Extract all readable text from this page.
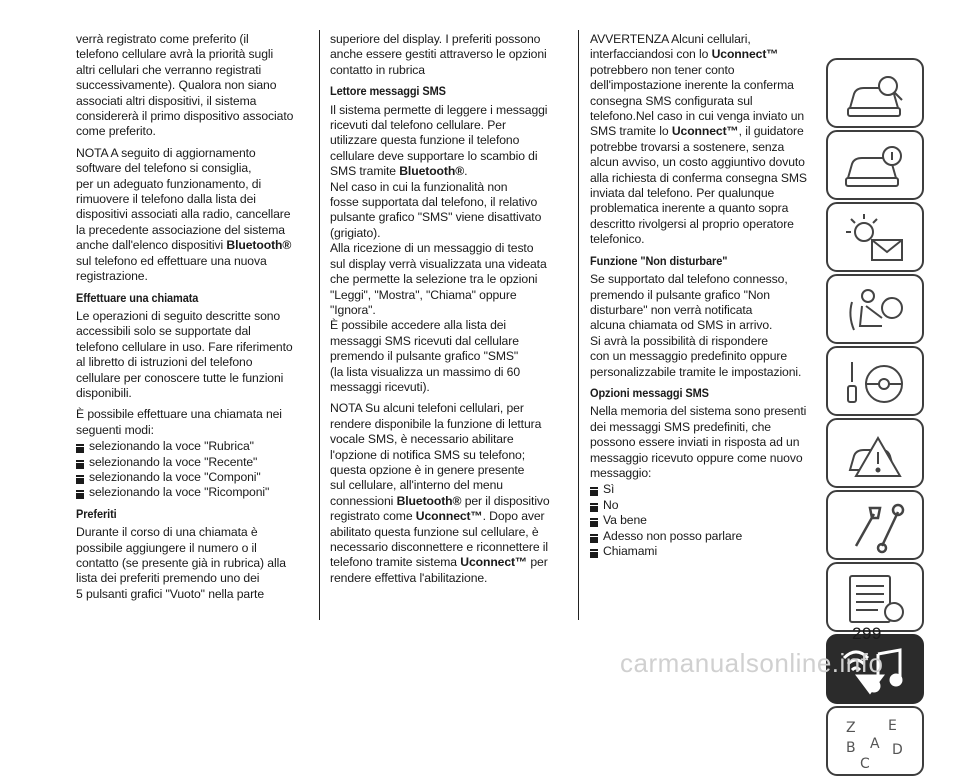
verrà registrato come preferito (il
telefono cellulare avrà la priorità sugli
altri cellulari che verranno registrati
successivamente). Qualora non siano
associati altri dispositivi, il sistema
considererà il primo dispositivo associato
come preferito.

NOTA A seguito di aggiornamento
software del telefono si consiglia,
per un adeguato funzionamento, di
rimuovere il telefono dalla lista dei
dispositivi associati alla radio, cancellare
la precedente associazione del sistema
anche dall'elenco dispositivi Bluetooth®
sul telefono ed effettuare una nuova
registrazione.

Effettuare una chiamata

Le operazioni di seguito descritte sono
accessibili solo se supportate dal
telefono cellulare in uso. Fare riferimento
al libretto di istruzioni del telefono
cellulare per conoscere tutte le funzioni
disponibili.

È possibile effettuare una chiamata nei
seguenti modi:

selezionando la voce "Rubrica"
selezionando la voce "Recente"
selezionando la voce "Componi"
selezionando la voce "Ricomponi"
Preferiti

Durante il corso di una chiamata è
possibile aggiungere il numero o il
contatto (se presente già in rubrica) alla
lista dei preferiti premendo uno dei
5 pulsanti grafici "Vuoto" nella parte

superiore del display. I preferiti possono
anche essere gestiti attraverso le opzioni
contatto in rubrica

Lettore messaggi SMS

Il sistema permette di leggere i messaggi
ricevuti dal telefono cellulare. Per
utilizzare questa funzione il telefono
cellulare deve supportare lo scambio di
SMS tramite Bluetooth®.
Nel caso in cui la funzionalità non
fosse supportata dal telefono, il relativo
pulsante grafico "SMS" viene disattivato
(grigiato).
Alla ricezione di un messaggio di testo
sul display verrà visualizzata una videata
che permette la selezione tra le opzioni
"Leggi", "Mostra", "Chiama" oppure
"Ignora".
È possibile accedere alla lista dei
messaggi SMS ricevuti dal cellulare
premendo il pulsante grafico "SMS"
(la lista visualizza un massimo di 60
messaggi ricevuti).

NOTA Su alcuni telefoni cellulari, per
rendere disponibile la funzione di lettura
vocale SMS, è necessario abilitare
l'opzione di notifica SMS su telefono;
questa opzione è in genere presente
sul cellulare, all'interno del menu
connessioni Bluetooth® per il dispositivo
registrato come Uconnect™. Dopo aver
abilitato questa funzione sul cellulare, è
necessario disconnettere e riconnettere il
telefono tramite sistema Uconnect™ per
rendere effettiva l'abilitazione.

AVVERTENZA Alcuni cellulari,
interfacciandosi con lo Uconnect™
potrebbero non tener conto
dell'impostazione inerente la conferma
consegna SMS configurata sul
telefono.Nel caso in cui venga inviato un
SMS tramite lo Uconnect™, il guidatore
potrebbe trovarsi a sostenere, senza
alcun avviso, un costo aggiuntivo dovuto
alla richiesta di conferma consegna SMS
inviata dal telefono. Per qualunque
problematica inerente a quanto sopra
descritto rivolgersi al proprio operatore
telefonico.

Funzione "Non disturbare"

Se supportato dal telefono connesso,
premendo il pulsante grafico "Non
disturbare" non verrà notificata
alcuna chiamata od SMS in arrivo.
Si avrà la possibilità di rispondere
con un messaggio predefinito oppure
personalizzabile tramite le impostazioni.

Opzioni messaggi SMS

Nella memoria del sistema sono presenti
dei messaggi SMS predefiniti, che
possono essere inviati in risposta ad un
messaggio ricevuto oppure come nuovo
messaggio:

Sì
No
Va bene
Adesso non posso parlare
Chiamami
Z E
A
B
C
D
299
carmanualsonline.info
